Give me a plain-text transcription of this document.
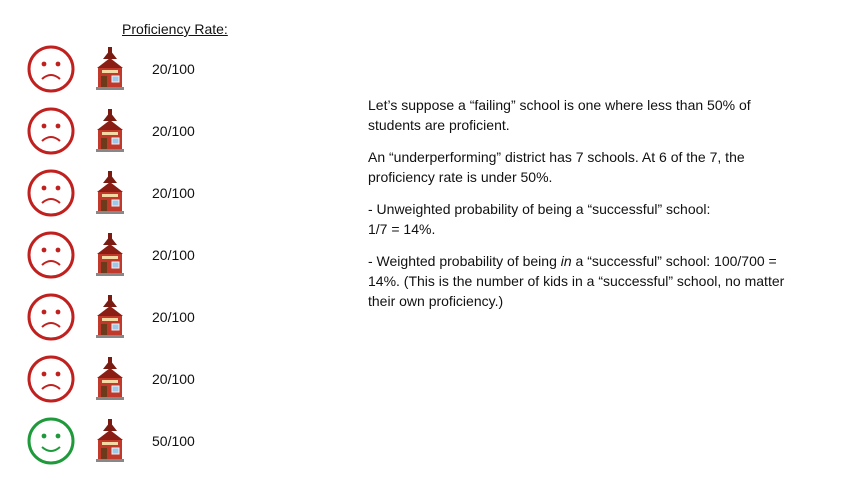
Proficiency Rate:
20/100
20/100
20/100
20/100
20/100
20/100
50/100

Let’s suppose a “failing” school is one where less than 50% of students are proficient.

An “underperforming” district has 7 schools. At 6 of the 7, the proficiency rate is under 50%.

- Unweighted probability of being a “successful” school:
1/7 = 14%.

- Weighted probability of being in a “successful” school: 100/700 = 14%. (This is the number of kids in a “successful” school, no matter their own proficiency.)
